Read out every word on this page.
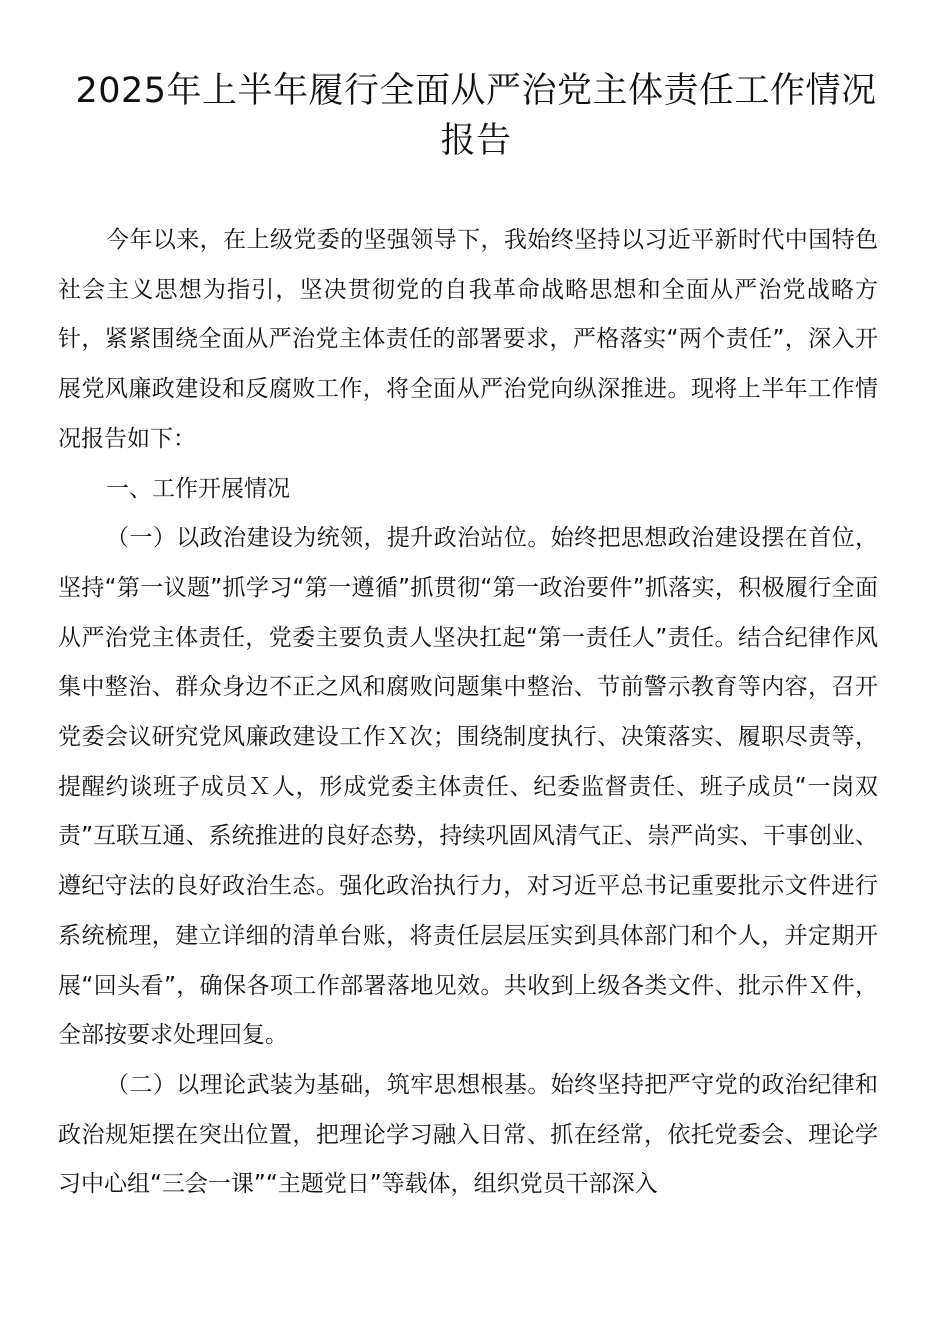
2025年上半年履行全面从严治党主体责任工作情况报告

今年以来，在上级党委的坚强领导下，我始终坚持以习近平新时代中国特色社会主义思想为指引，坚决贯彻党的自我革命战略思想和全面从严治党战略方针，紧紧围绕全面从严治党主体责任的部署要求，严格落实“两个责任”，深入开展党风廉政建设和反腐败工作，将全面从严治党向纵深推进。现将上半年工作情况报告如下：

一、工作开展情况

（一）以政治建设为统领，提升政治站位。始终把思想政治建设摆在首位，坚持“第一议题”抓学习“第一遵循”抓贯彻“第一政治要件”抓落实，积极履行全面从严治党主体责任，党委主要负责人坚决扛起“第一责任人”责任。结合纪律作风集中整治、群众身边不正之风和腐败问题集中整治、节前警示教育等内容，召开党委会议研究党风廉政建设工作Ｘ次；围绕制度执行、决策落实、履职尽责等，提醒约谈班子成员Ｘ人，形成党委主体责任、纪委监督责任、班子成员“一岗双责”互联互通、系统推进的良好态势，持续巩固风清气正、崇严尚实、干事创业、遵纪守法的良好政治生态。强化政治执行力，对习近平总书记重要批示文件进行系统梳理，建立详细的清单台账，将责任层层压实到具体部门和个人，并定期开展“回头看”，确保各项工作部署落地见效。共收到上级各类文件、批示件Ｘ件，全部按要求处理回复。

（二）以理论武装为基础，筑牢思想根基。始终坚持把严守党的政治纪律和政治规矩摆在突出位置，把理论学习融入日常、抓在经常，依托党委会、理论学习中心组“三会一课”“主题党日”等载体，组织党员干部深入
